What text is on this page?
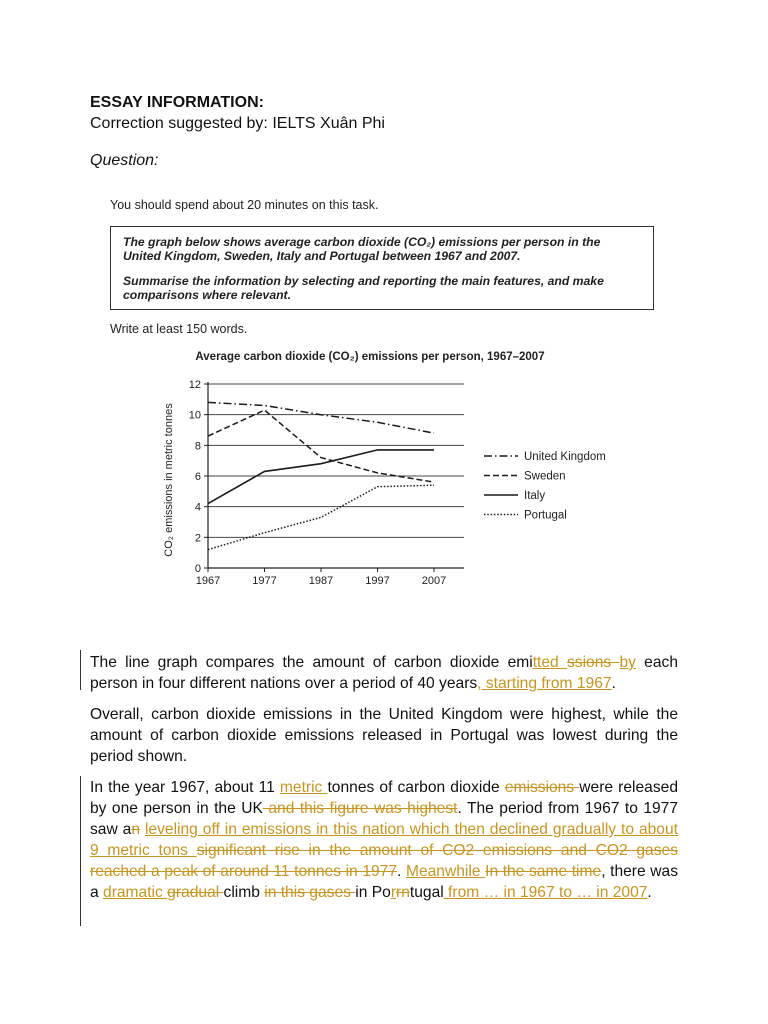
ESSAY INFORMATION:
Correction suggested by: IELTS Xuân Phi
Question:
You should spend about 20 minutes on this task.
The graph below shows average carbon dioxide (CO₂) emissions per person in the United Kingdom, Sweden, Italy and Portugal between 1967 and 2007.
Summarise the information by selecting and reporting the main features, and make comparisons where relevant.
Write at least 150 words.
Average carbon dioxide (CO₂) emissions per person, 1967–2007
0
2
4
6
8
10
12
1967	1977	1987	1997	2007
CO₂ emissions in metric tonnes	United Kingdom
Sweden
Italy
Portugal
The line graph compares the amount of carbon dioxide emitted ssions by each person in four different nations over a period of 40 years, starting from 1967.
Overall, carbon dioxide emissions in the United Kingdom were highest, while the amount of carbon dioxide emissions released in Portugal was lowest during the period shown.
In the year 1967, about 11 metric tonnes of carbon dioxide emissions were released by one person in the UK and this figure was highest. The period from 1967 to 1977 saw an leveling off in emissions in this nation which then declined gradually to about 9 metric tons significant rise in the amount of CO2 emissions and CO2 gases reached a peak of around 11 tonnes in 1977. Meanwhile In the same time, there was a dramatic gradual climb in this gases in Porrntugal from … in 1967 to … in 2007.
